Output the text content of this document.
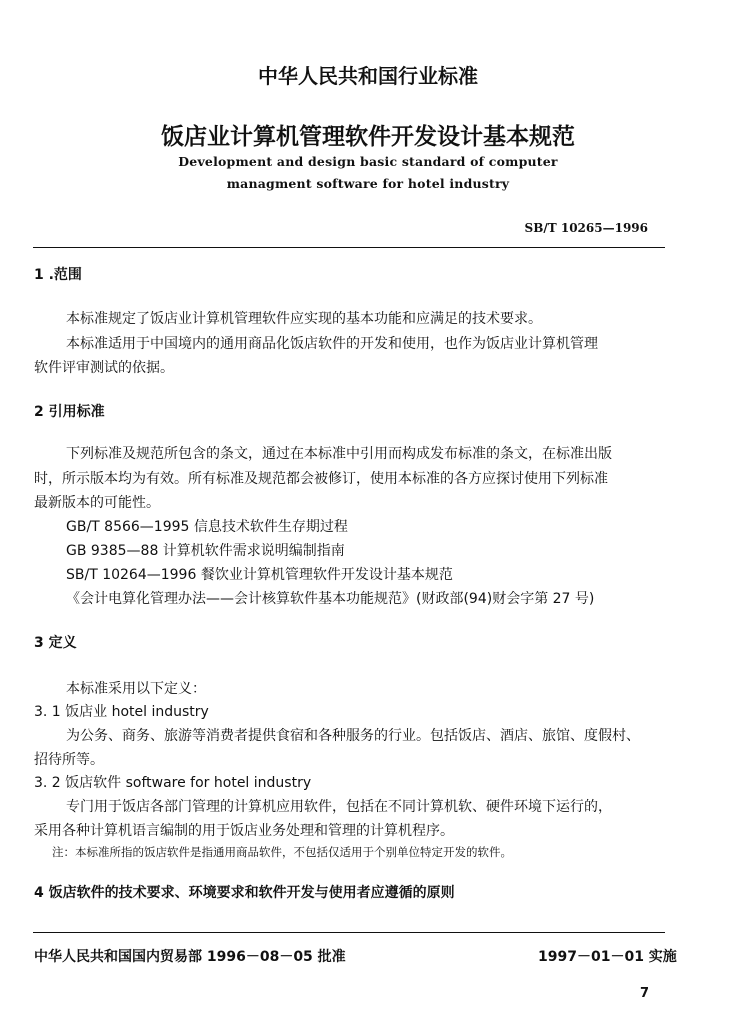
中华人民共和国行业标准
饭店业计算机管理软件开发设计基本规范
Development and design basic standard of computer
managment software for hotel industry
SB/T 10265—1996
1 .范围
本标准规定了饭店业计算机管理软件应实现的基本功能和应满足的技术要求。
本标准适用于中国境内的通用商品化饭店软件的开发和使用，也作为饭店业计算机管理
软件评审测试的依据。
2 引用标准
下列标准及规范所包含的条文，通过在本标准中引用而构成发布标准的条文，在标准出版
时，所示版本均为有效。所有标准及规范都会被修订，使用本标准的各方应探讨使用下列标准
最新版本的可能性。
GB/T 8566—1995 信息技术软件生存期过程
GB 9385—88 计算机软件需求说明编制指南
SB/T 10264—1996 餐饮业计算机管理软件开发设计基本规范
《会计电算化管理办法——会计核算软件基本功能规范》(财政部(94)财会字第 27 号)
3 定义
本标准采用以下定义：
3. 1 饭店业 hotel industry
为公务、商务、旅游等消费者提供食宿和各种服务的行业。包括饭店、酒店、旅馆、度假村、
招待所等。
3. 2 饭店软件 software for hotel industry
专门用于饭店各部门管理的计算机应用软件，包括在不同计算机软、硬件环境下运行的，
采用各种计算机语言编制的用于饭店业务处理和管理的计算机程序。
注：本标准所指的饭店软件是指通用商品软件，不包括仅适用于个别单位特定开发的软件。
4 饭店软件的技术要求、环境要求和软件开发与使用者应遵循的原则
中华人民共和国国内贸易部 1996－08－05 批准	1997－01－01 实施
7
